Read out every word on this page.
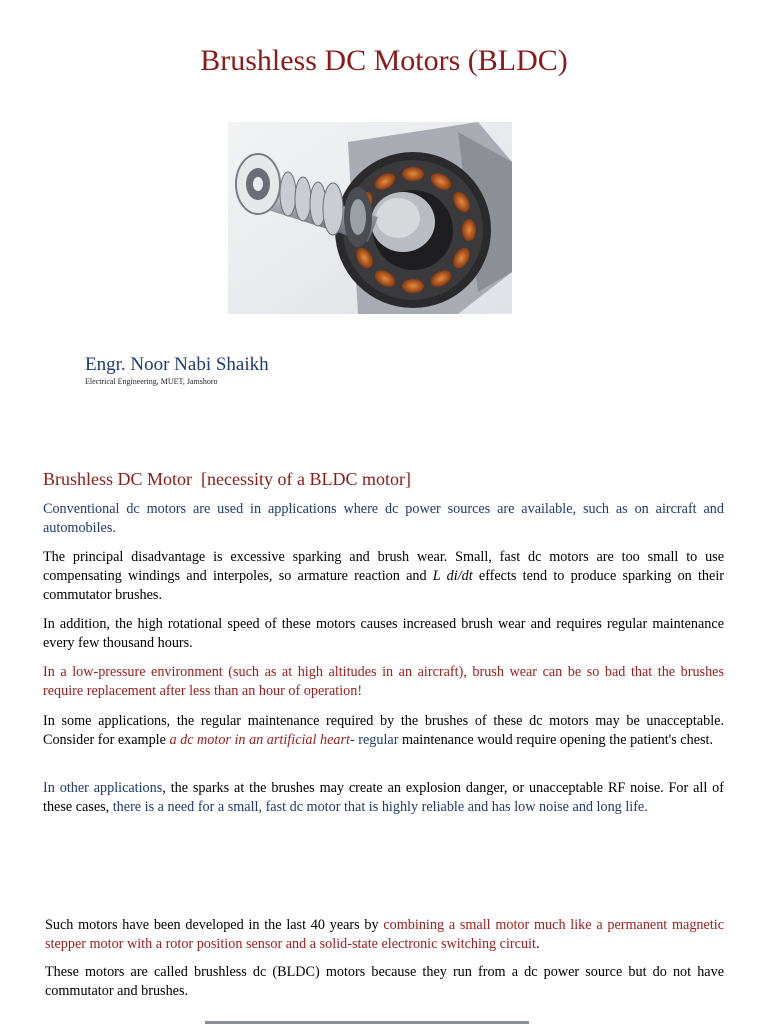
Brushless DC Motors (BLDC)
Engr. Noor Nabi Shaikh
Electrical Engineering, MUET, Jamshoro
Brushless DC Motor  [necessity of a BLDC motor]

Conventional dc motors are used in applications where dc power sources are available, such as on aircraft and automobiles.

The principal disadvantage is excessive sparking and brush wear. Small, fast dc motors are too small to use compensating windings and interpoles, so armature reaction and L di/dt effects tend to produce sparking on their commutator brushes.

In addition, the high rotational speed of these motors causes increased brush wear and requires regular maintenance every few thousand hours.

In a low-pressure environment (such as at high altitudes in an aircraft), brush wear can be so bad that the brushes require replacement after less than an hour of operation!

In some applications, the regular maintenance required by the brushes of these dc motors may be unacceptable. Consider for example a dc motor in an artificial heart- regular maintenance would require opening the patient's chest.

In other applications, the sparks at the brushes may create an explosion danger, or unacceptable RF noise. For all of these cases, there is a need for a small, fast dc motor that is highly reliable and has low noise and long life.

Such motors have been developed in the last 40 years by combining a small motor much like a permanent magnetic stepper motor with a rotor position sensor and a solid-state electronic switching circuit.

These motors are called brushless dc (BLDC) motors because they run from a dc power source but do not have commutator and brushes.
